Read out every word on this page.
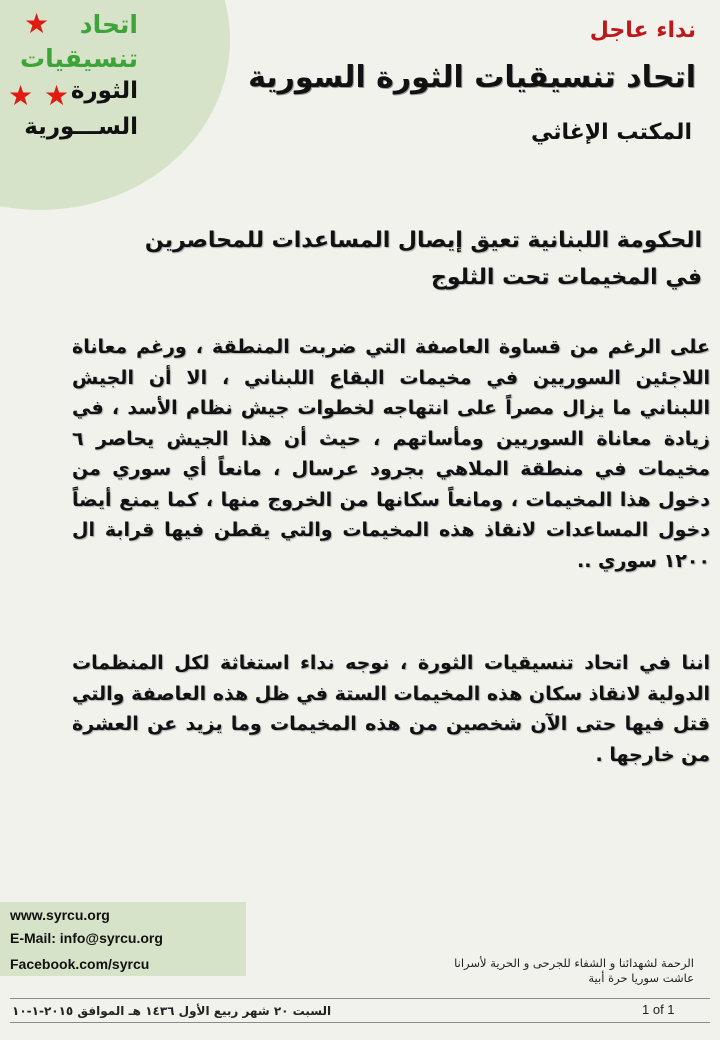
★
★ ★
اتحاد
تنسيقيات
الثورة
الســـورية
نداء عاجل
اتحاد تنسيقيات الثورة السورية
المكتب الإغاثي
الحكومة اللبنانية تعيق إيصال المساعدات للمحاصرين في المخيمات تحت الثلوج
على الرغم من قساوة العاصفة التي ضربت المنطقة ، ورغم معاناة اللاجئين السوريين في مخيمات البقاع اللبناني ، الا أن الجيش اللبناني ما يزال مصراً على انتهاجه لخطوات جيش نظام الأسد ، في زيادة معاناة السوريين ومأساتهم ، حيث أن هذا الجيش يحاصر ٦ مخيمات في منطقة الملاهي بجرود عرسال ، مانعاً أي سوري من دخول هذا المخيمات ، ومانعاً سكانها من الخروج منها ، كما يمنع أيضاً دخول المساعدات لانقاذ هذه المخيمات والتي يقطن فيها قرابة ال ١٢٠٠ سوري ..
اننا في اتحاد تنسيقيات الثورة ، نوجه نداء استغاثة لكل المنظمات الدولية لانقاذ سكان هذه المخيمات الستة في ظل هذه العاصفة والتي قتل فيها حتى الآن شخصين من هذه المخيمات وما يزيد عن العشرة من خارجها .
www.syrcu.org
E-Mail: info@syrcu.org
Facebook.com/syrcu	الرحمة لشهدائنا و الشفاء للجرحى و الحرية لأسرانا
عاشت سوريا حرة أبية
السبت ٢٠ شهر ربيع الأول ١٤٣٦ هـ الموافق ٢٠١٥-١-١٠	1 of 1
